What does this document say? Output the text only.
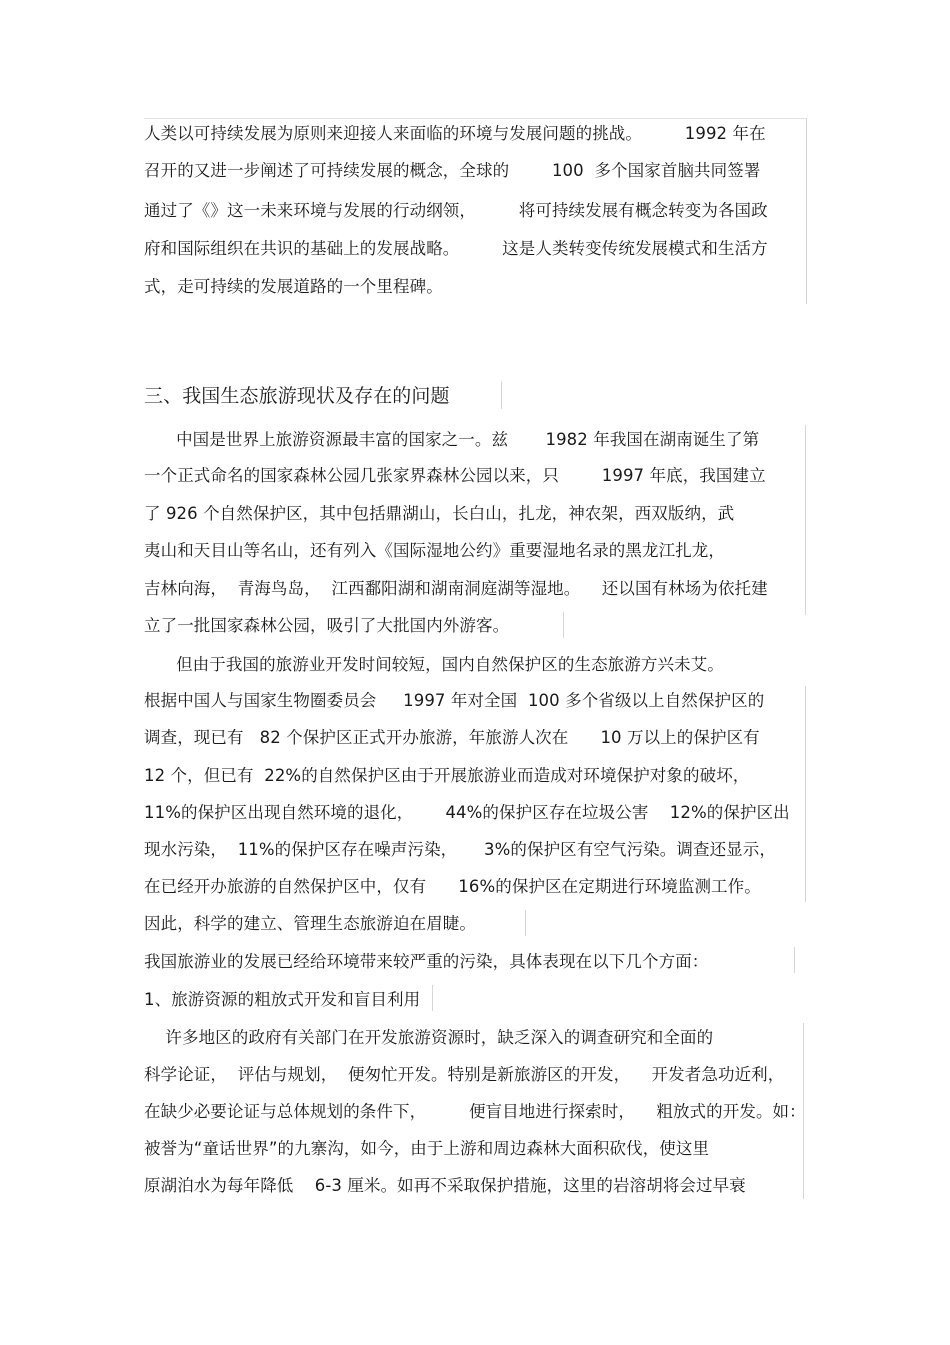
人类以可持续发展为原则来迎接人来面临的环境与发展问题的挑战。        1992 年在
召开的又进一步阐述了可持续发展的概念，全球的        100  多个国家首脑共同签署
通过了《》这一未来环境与发展的行动纲领，        将可持续发展有概念转变为各国政
府和国际组织在共识的基础上的发展战略。        这是人类转变传统发展模式和生活方
式，走可持续的发展道路的一个里程碑。
三、我国生态旅游现状及存在的问题
中国是世界上旅游资源最丰富的国家之一。兹       1982 年我国在湖南诞生了第
一个正式命名的国家森林公园几张家界森林公园以来，只        1997 年底，我国建立
了 926 个自然保护区，其中包括鼎湖山，长白山，扎龙，神农架，西双版纳，武
夷山和天目山等名山，还有列入《国际湿地公约》重要湿地名录的黑龙江扎龙，
吉林向海，  青海鸟岛，  江西鄱阳湖和湖南洞庭湖等湿地。    还以国有林场为依托建
立了一批国家森林公园，吸引了大批国内外游客。
但由于我国的旅游业开发时间较短，国内自然保护区的生态旅游方兴未艾。
根据中国人与国家生物圈委员会     1997 年对全国  100 多个省级以上自然保护区的
调查，现已有   82 个保护区正式开办旅游，年旅游人次在      10 万以上的保护区有
12 个，但已有  22%的自然保护区由于开展旅游业而造成对环境保护对象的破坏，
11%的保护区出现自然环境的退化，      44%的保护区存在垃圾公害    12%的保护区出
现水污染，  11%的保护区存在噪声污染，     3%的保护区有空气污染。调查还显示，
在已经开办旅游的自然保护区中，仅有      16%的保护区在定期进行环境监测工作。
因此，科学的建立、管理生态旅游迫在眉睫。
我国旅游业的发展已经给环境带来较严重的污染，具体表现在以下几个方面：
1、旅游资源的粗放式开发和盲目利用
许多地区的政府有关部门在开发旅游资源时，缺乏深入的调查研究和全面的
科学论证，  评估与规划，  便匆忙开发。特别是新旅游区的开发，    开发者急功近利，
在缺少必要论证与总体规划的条件下，        便盲目地进行探索时，    粗放式的开发。如：
被誉为“童话世界”的九寨沟，如今，由于上游和周边森林大面积砍伐，使这里
原湖泊水为每年降低    6-3 厘米。如再不采取保护措施，这里的岩溶胡将会过早衰
